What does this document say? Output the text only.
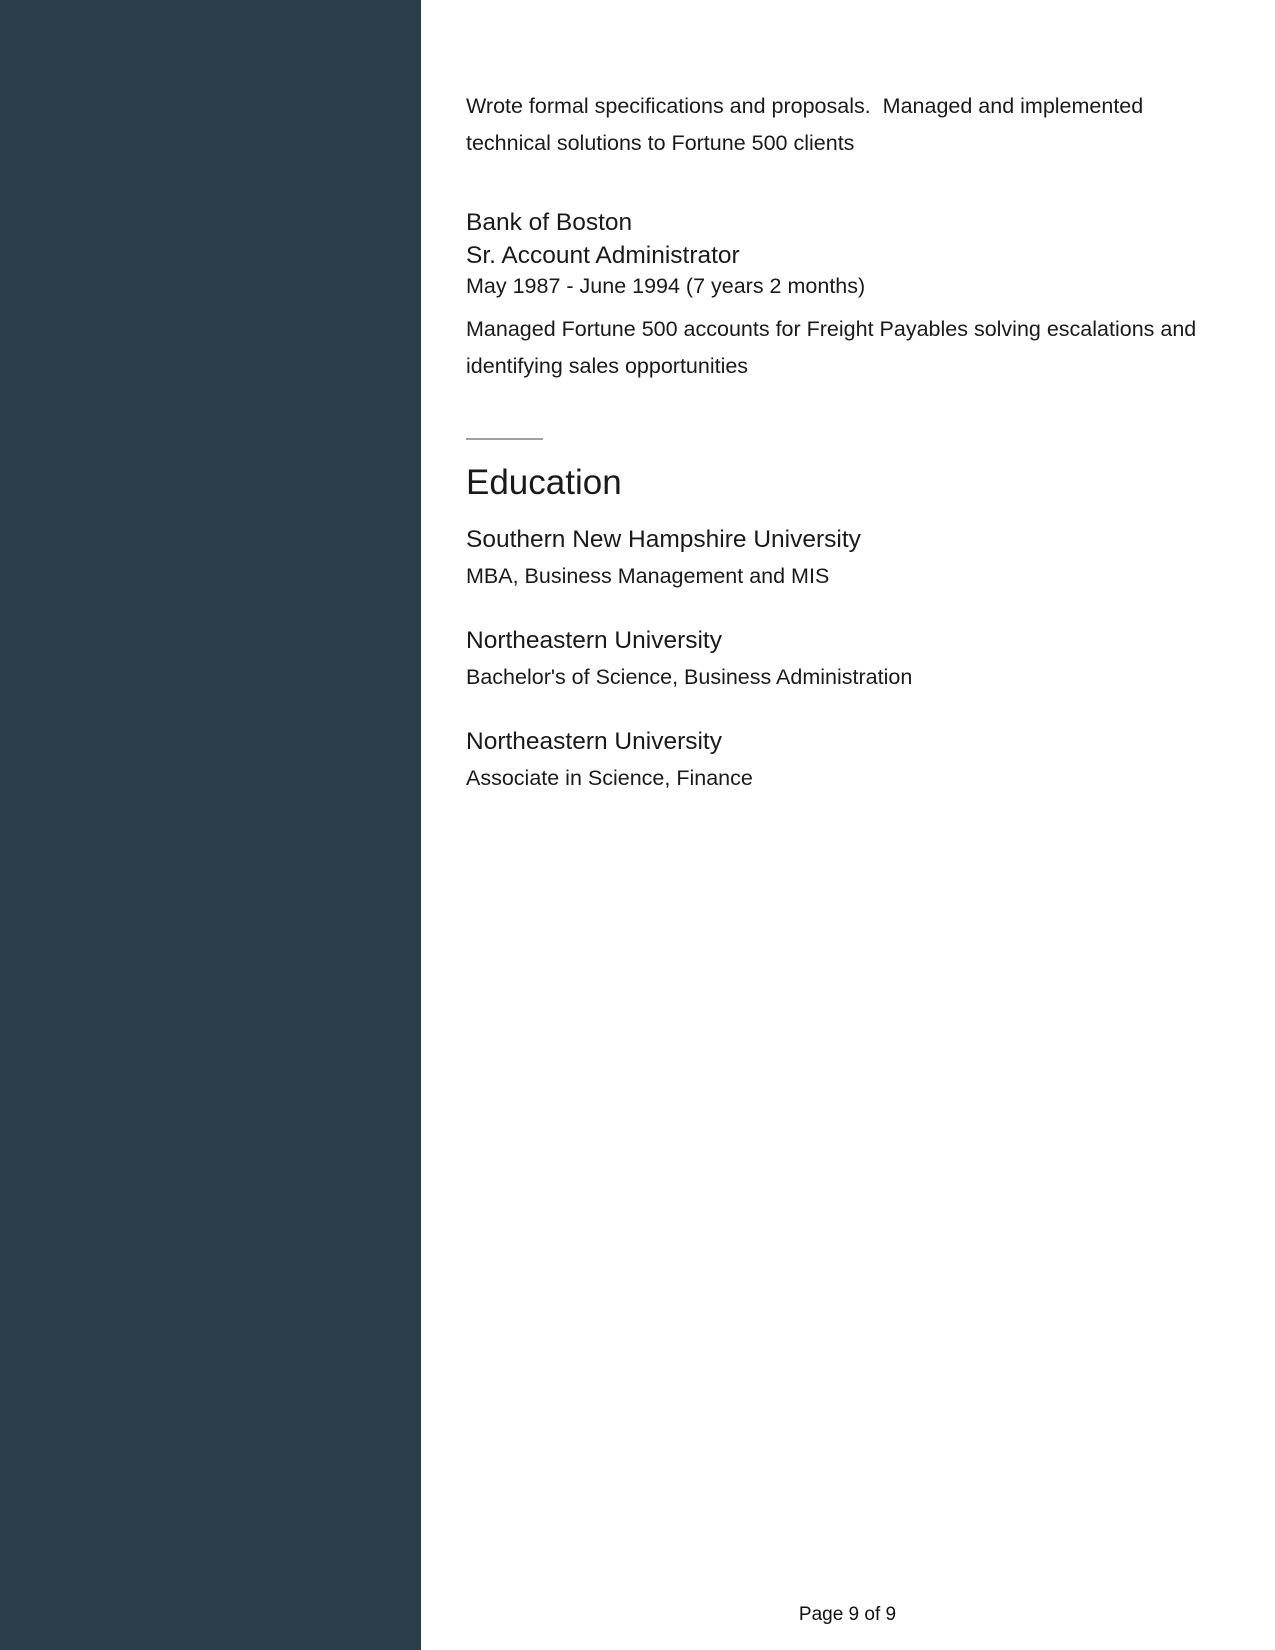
Wrote formal specifications and proposals.  Managed and implemented technical solutions to Fortune 500 clients

Bank of Boston

Sr. Account Administrator

May 1987 - June 1994 (7 years 2 months)

Managed Fortune 500 accounts for Freight Payables solving escalations and identifying sales opportunities

Education

Southern New Hampshire University

MBA, Business Management and MIS

Northeastern University

Bachelor's of Science, Business Administration

Northeastern University

Associate in Science, Finance

Page 9 of 9
